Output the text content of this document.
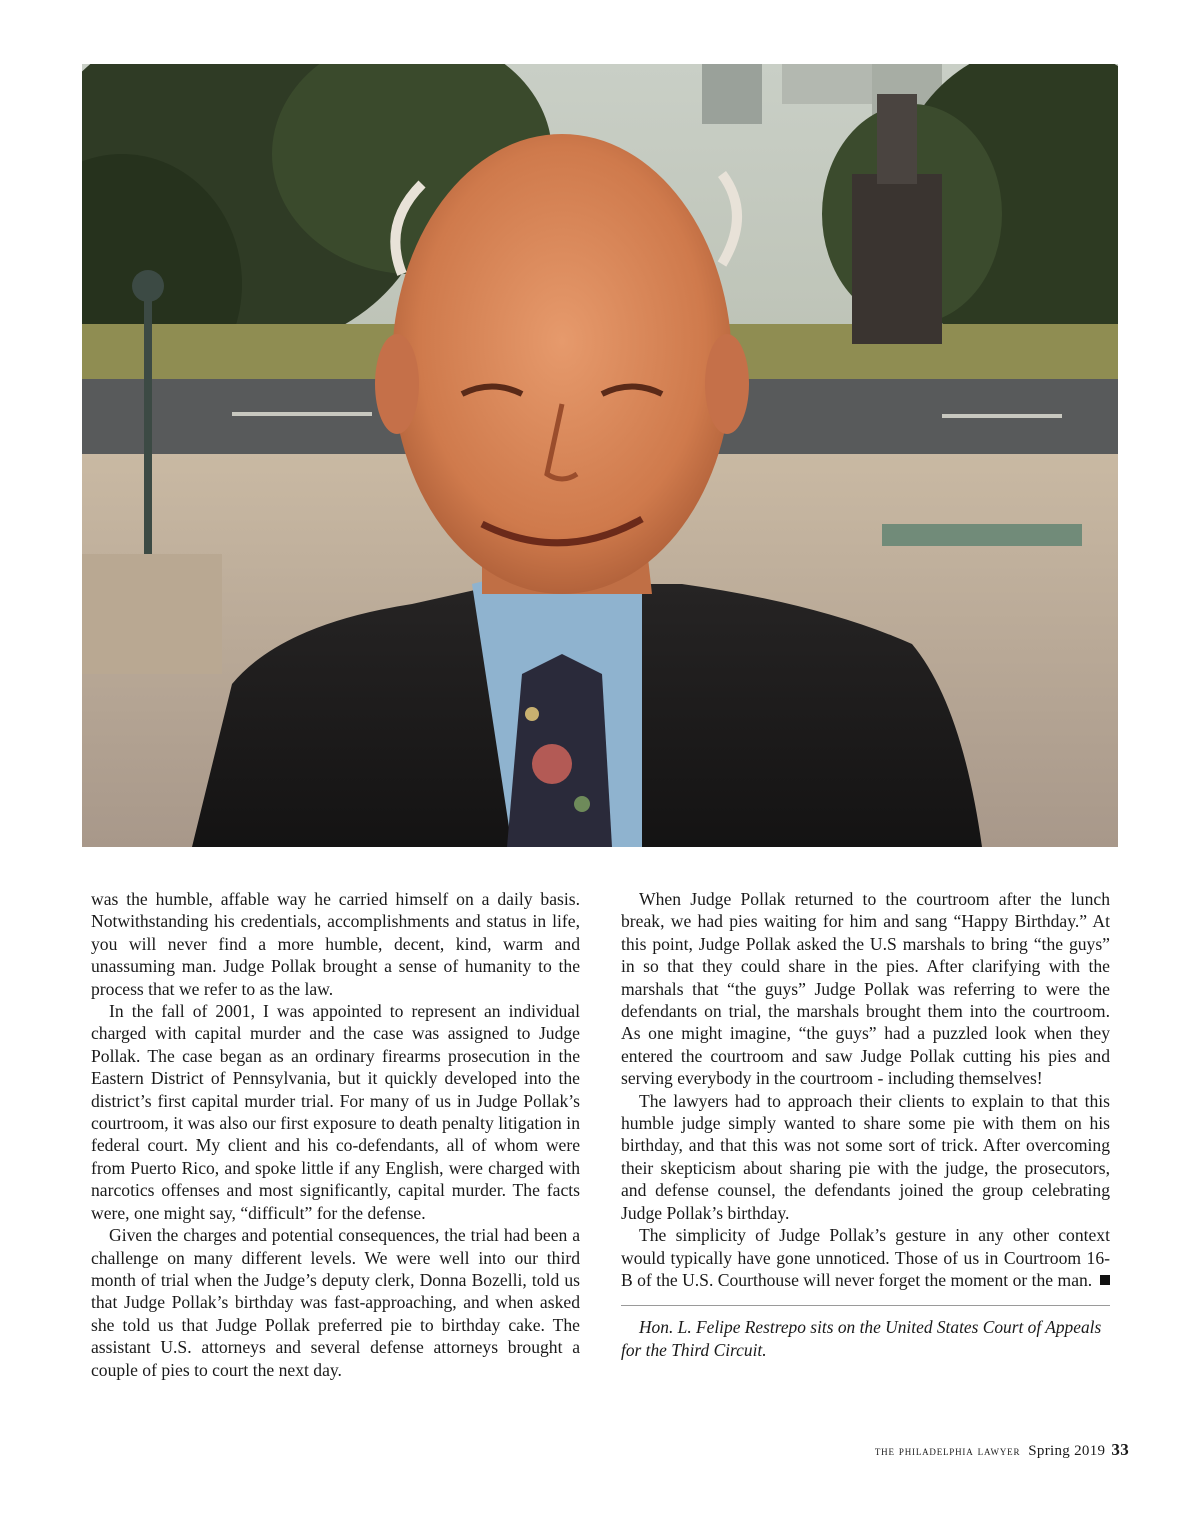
was the humble, affable way he carried himself on a daily basis. Notwithstanding his credentials, accomplishments and status in life, you will never find a more humble, decent, kind, warm and unassuming man. Judge Pollak brought a sense of humanity to the process that we refer to as the law.

In the fall of 2001, I was appointed to represent an individual charged with capital murder and the case was assigned to Judge Pollak. The case began as an ordinary firearms prosecution in the Eastern District of Pennsylvania, but it quickly developed into the district’s first capital murder trial. For many of us in Judge Pollak’s courtroom, it was also our first exposure to death penalty litigation in federal court. My client and his co-defendants, all of whom were from Puerto Rico, and spoke little if any English, were charged with narcotics offenses and most significantly, capital murder. The facts were, one might say, “difficult” for the defense.

Given the charges and potential consequences, the trial had been a challenge on many different levels. We were well into our third month of trial when the Judge’s deputy clerk, Donna Bozelli, told us that Judge Pollak’s birthday was fast-approaching, and when asked she told us that Judge Pollak preferred pie to birthday cake. The assistant U.S. attorneys and several defense attorneys brought a couple of pies to court the next day.

When Judge Pollak returned to the courtroom after the lunch break, we had pies waiting for him and sang “Happy Birthday.” At this point, Judge Pollak asked the U.S marshals to bring “the guys” in so that they could share in the pies. After clarifying with the marshals that “the guys” Judge Pollak was referring to were the defendants on trial, the marshals brought them into the courtroom. As one might imagine, “the guys” had a puzzled look when they entered the courtroom and saw Judge Pollak cutting his pies and serving everybody in the courtroom - including themselves!

The lawyers had to approach their clients to explain to that this humble judge simply wanted to share some pie with them on his birthday, and that this was not some sort of trick. After overcoming their skepticism about sharing pie with the judge, the prosecutors, and defense counsel, the defendants joined the group celebrating Judge Pollak’s birthday.

The simplicity of Judge Pollak’s gesture in any other context would typically have gone unnoticed. Those of us in Courtroom 16-B of the U.S. Courthouse will never forget the moment or the man.

Hon. L. Felipe Restrepo sits on the United States Court of Appeals for the Third Circuit.

the philadelphia lawyer Spring 2019 33
